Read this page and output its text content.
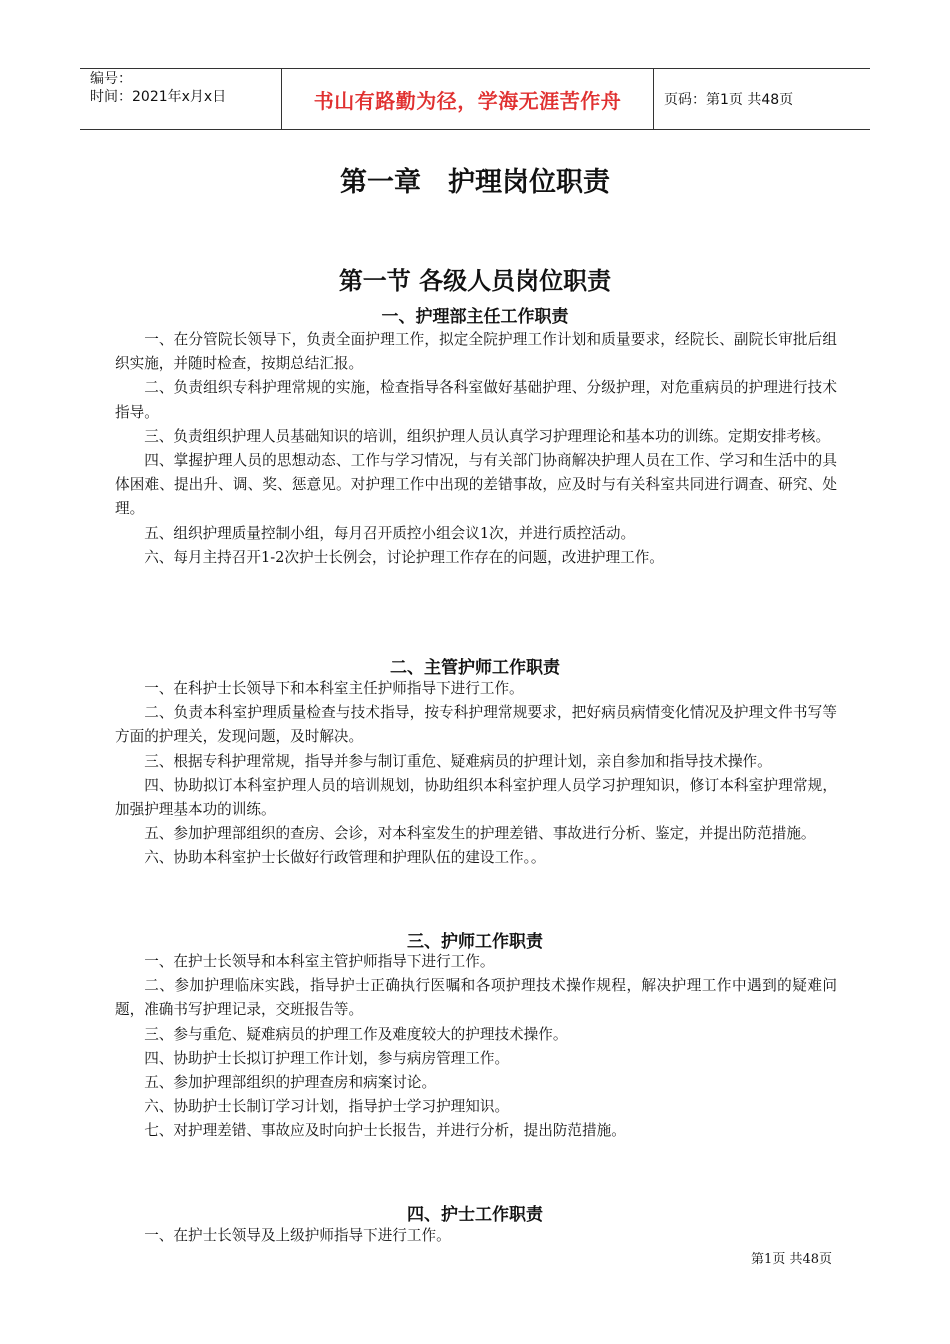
编号：
时间：2021年x月x日	书山有路勤为径，学海无涯苦作舟	页码：第1页 共48页
第一章　护理岗位职责
第一节 各级人员岗位职责
一、护理部主任工作职责

一、在分管院长领导下，负责全面护理工作，拟定全院护理工作计划和质量要求，经院长、副院长审批后组织实施，并随时检查，按期总结汇报。

二、负责组织专科护理常规的实施，检查指导各科室做好基础护理、分级护理，对危重病员的护理进行技术指导。

三、负责组织护理人员基础知识的培训，组织护理人员认真学习护理理论和基本功的训练。定期安排考核。

四、掌握护理人员的思想动态、工作与学习情况，与有关部门协商解决护理人员在工作、学习和生活中的具体困难、提出升、调、奖、惩意见。对护理工作中出现的差错事故，应及时与有关科室共同进行调查、研究、处理。

五、组织护理质量控制小组，每月召开质控小组会议1次，并进行质控活动。

六、每月主持召开1-2次护士长例会，讨论护理工作存在的问题，改进护理工作。

二、主管护师工作职责

一、在科护士长领导下和本科室主任护师指导下进行工作。

二、负责本科室护理质量检查与技术指导，按专科护理常规要求，把好病员病情变化情况及护理文件书写等方面的护理关，发现问题，及时解决。

三、根据专科护理常规，指导并参与制订重危、疑难病员的护理计划，亲自参加和指导技术操作。

四、协助拟订本科室护理人员的培训规划，协助组织本科室护理人员学习护理知识，修订本科室护理常规，加强护理基本功的训练。

五、参加护理部组织的查房、会诊，对本科室发生的护理差错、事故进行分析、鉴定，并提出防范措施。

六、协助本科室护士长做好行政管理和护理队伍的建设工作。。

三、护师工作职责

一、在护士长领导和本科室主管护师指导下进行工作。

二、参加护理临床实践，指导护士正确执行医嘱和各项护理技术操作规程，解决护理工作中遇到的疑难问题，准确书写护理记录，交班报告等。

三、参与重危、疑难病员的护理工作及难度较大的护理技术操作。

四、协助护士长拟订护理工作计划，参与病房管理工作。

五、参加护理部组织的护理查房和病案讨论。

六、协助护士长制订学习计划，指导护士学习护理知识。

七、对护理差错、事故应及时向护士长报告，并进行分析，提出防范措施。

四、护士工作职责

一、在护士长领导及上级护师指导下进行工作。

第1页 共48页
